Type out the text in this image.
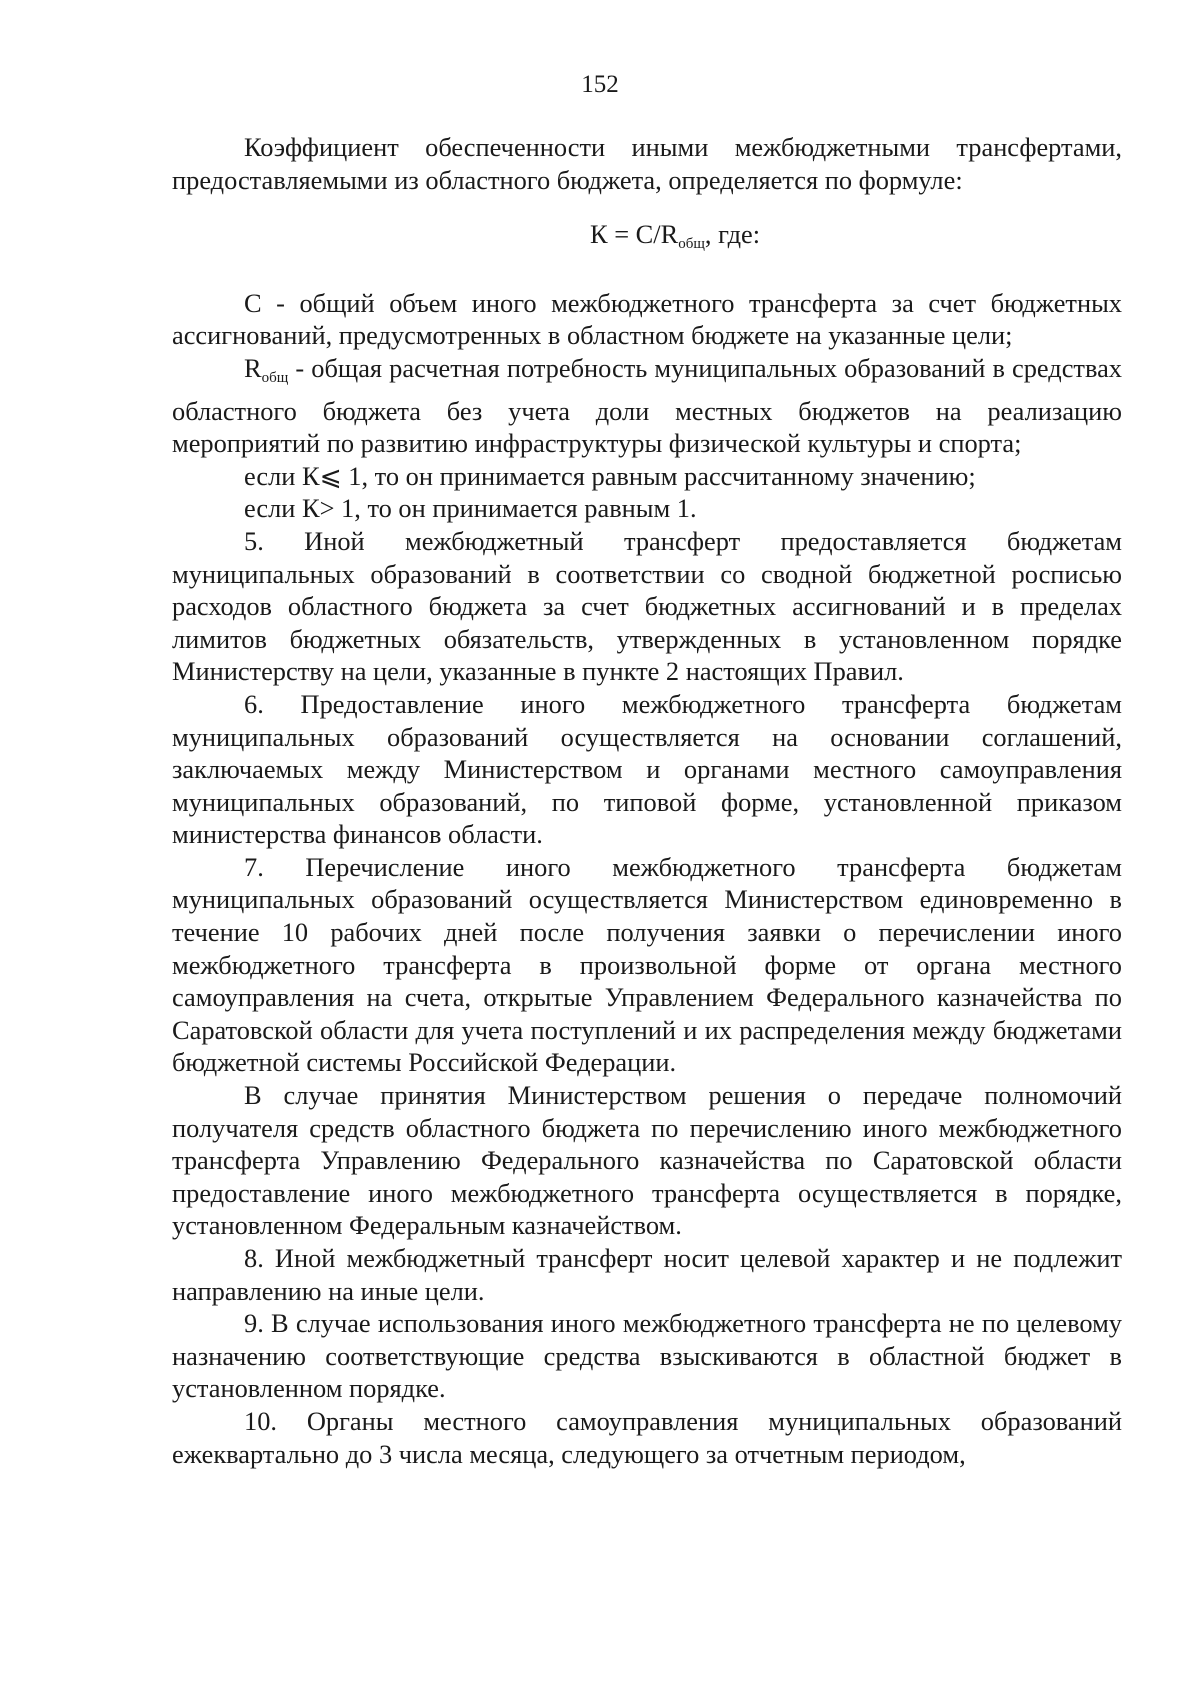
152

Коэффициент обеспеченности иными межбюджетными трансфертами, предоставляемыми из областного бюджета, определяется по формуле:

$К = С/R_{общ}$, где:

С - общий объем иного межбюджетного трансферта за счет бюджетных ассигнований, предусмотренных в областном бюджете на указанные цели;

$R_{общ}$ - общая расчетная потребность муниципальных образований в средствах областного бюджета без учета доли местных бюджетов на реализацию мероприятий по развитию инфраструктуры физической культуры и спорта;

если К⩽ 1, то он принимается равным рассчитанному значению;

если К> 1, то он принимается равным 1.

5. Иной межбюджетный трансферт предоставляется бюджетам муниципальных образований в соответствии со сводной бюджетной росписью расходов областного бюджета за счет бюджетных ассигнований и в пределах лимитов бюджетных обязательств, утвержденных в установленном порядке Министерству на цели, указанные в пункте 2 настоящих Правил.

6. Предоставление иного межбюджетного трансферта бюджетам муниципальных образований осуществляется на основании соглашений, заключаемых между Министерством и органами местного самоуправления муниципальных образований, по типовой форме, установленной приказом министерства финансов области.

7. Перечисление иного межбюджетного трансферта бюджетам муниципальных образований осуществляется Министерством единовременно в течение 10 рабочих дней после получения заявки о перечислении иного межбюджетного трансферта в произвольной форме от органа местного самоуправления на счета, открытые Управлением Федерального казначейства по Саратовской области для учета поступлений и их распределения между бюджетами бюджетной системы Российской Федерации.

В случае принятия Министерством решения о передаче полномочий получателя средств областного бюджета по перечислению иного межбюджетного трансферта Управлению Федерального казначейства по Саратовской области предоставление иного межбюджетного трансферта осуществляется в порядке, установленном Федеральным казначейством.

8. Иной межбюджетный трансферт носит целевой характер и не подлежит направлению на иные цели.

9. В случае использования иного межбюджетного трансферта не по целевому назначению соответствующие средства взыскиваются в областной бюджет в установленном порядке.

10. Органы местного самоуправления муниципальных образований ежеквартально до 3 числа месяца, следующего за отчетным периодом,
